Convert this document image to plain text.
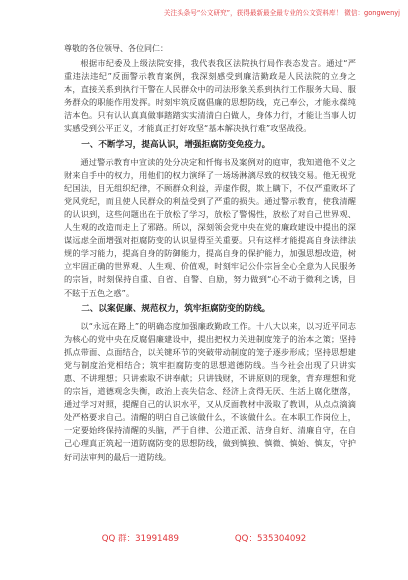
关注头条号“公文研究”，获得最新最全最专业的公文资料库！ 微信：gongwenyj
尊敬的各位领导、各位同仁：

根据市纪委及上级法院安排，我代表我区法院执行局作表态发言。通过“严重违法违纪”反面警示教育案例，我深刻感受到廉洁勤政是人民法院的立身之本，直接关系到执行干警在人民群众中的司法形象关系到执行工作服务大局、服务群众的职能作用发挥。时刻牢筑反腐倡廉的思想防线，克己奉公，才能永葆纯洁本色。只有认认真真做事踏踏实实清清白白做人，身体力行，才能让当事人切实感受到公平正义，才能真正打好攻坚“基本解决执行难”攻坚战役。

一、不断学习，提高认识，增强拒腐防变免疫力。

通过警示教育中宣读的处分决定和忏悔书及案例对的庭审，我知道他不义之财来自手中的权力，用他们的权力演绎了一场场淋漓尽致的权钱交易。他无视党纪国法，目无组织纪律，不顾群众利益，弄虚作假，欺上瞒下，不仅严重败坏了党风党纪，而且使人民群众的利益受到了严重的损失。通过警示教育，使我清醒的认识到，这些问题出在于放松了学习，放松了警惕性，放松了对自己世界观、人生观的改造而走上了邪路。所以，深刻领会党中央在党的廉政建设中提出的深谋远虑全面增强对拒腐防变的认识显得至关重要。只有这样才能提高自身法律法规的学习能力，提高自身的防御能力，提高自身的保护能力，加强思想改造，树立牢固正确的世界观、人生观、价值观，时刻牢记公仆宗旨全心全意为人民服务的宗旨，时刻保持自重、自省、自警、自励，努力做到“心不动于微利之诱，目不眩于五色之惑”。

二、以案促廉、规范权力，筑牢拒腐防变的防线。

以“永远在路上”的明确态度加强廉政勤政工作。十八大以来，以习近平同志为核心的党中央在反腐倡廉建设中，提出把权力关进制度笼子的治本之策；坚持抓点带面、点面结合，以关键环节的突破带动制度的笼子逐步形成；坚持思想建党与制度治党相结合；筑牢拒腐防变的思想道德防线。当今社会出现了只讲实惠、不讲理想；只讲索取不讲奉献；只讲钱财，不讲原则的现象，背弃理想和党的宗旨，道德观念失衡，政治上丧失信念、经济上贪得无厌、生活上腐化堕落，通过学习对照，提醒自己的认识水平，又从反面教材中汲取了教训，从点点滴滴处严格要求自己。清醒的明白自己该做什么，不该做什么。在本职工作岗位上，一定要始终保持清醒的头脑，严于自律、公道正派、洁身自好、清廉自守，在自己心理真正筑起一道防腐防变的思想防线，做到慎独、慎微、慎始、慎友，守护好司法审判的最后一道防线。

QQ 群：31991489	QQ：535304092
